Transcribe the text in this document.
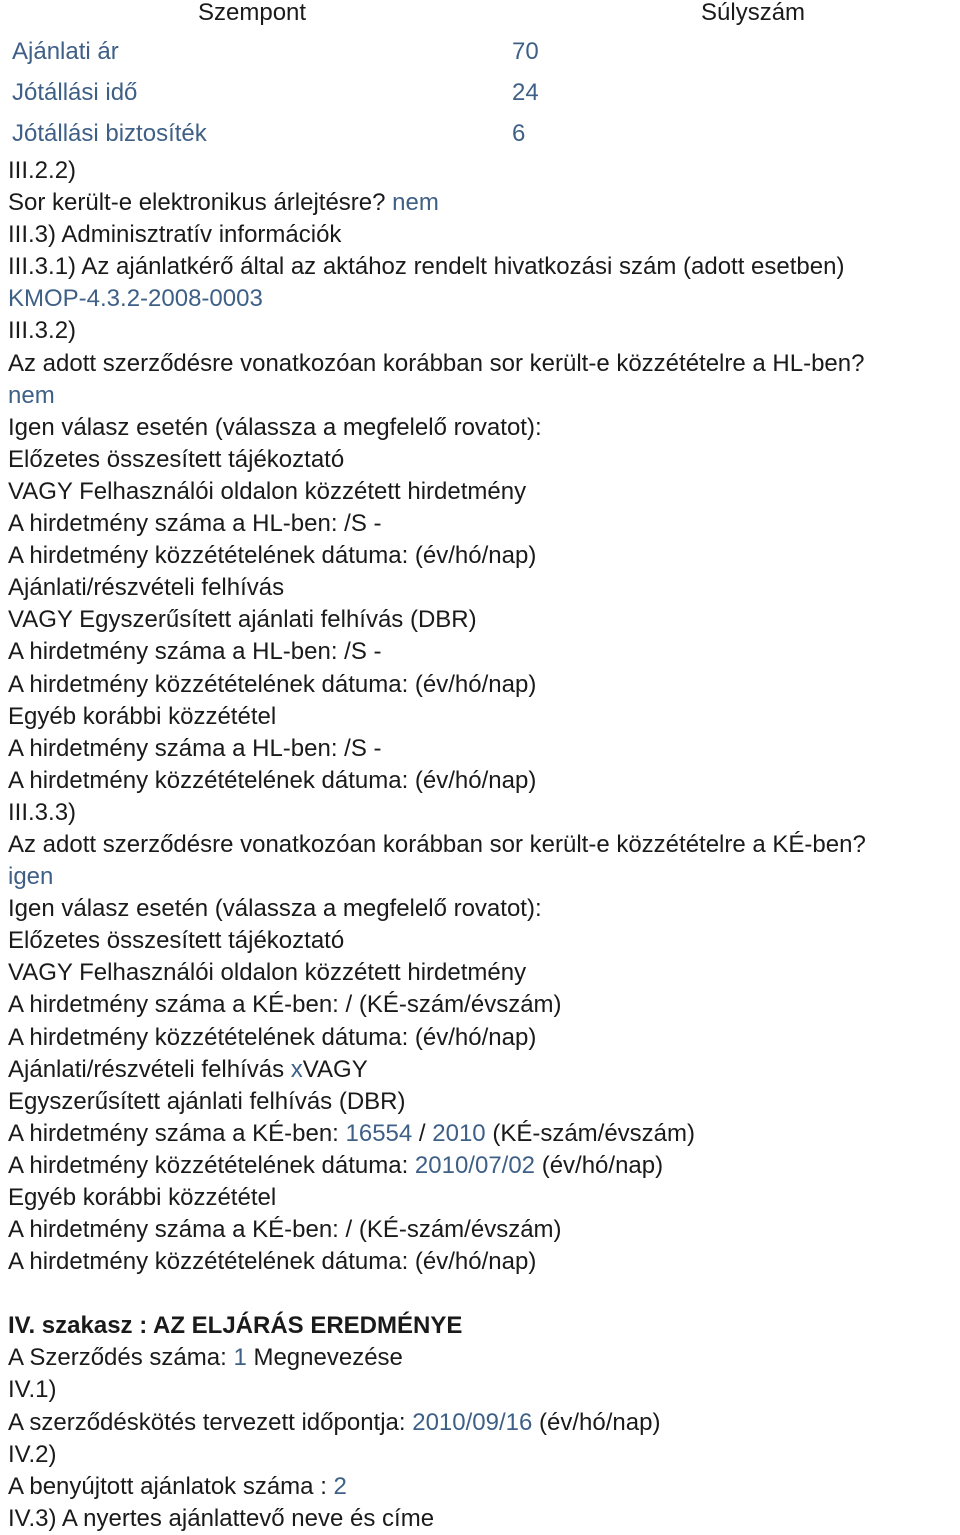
Szempont	Súlyszám
Ajánlati ár	70
Jótállási idő	24
Jótállási biztosíték	6
III.2.2)
Sor került-e elektronikus árlejtésre? nem
III.3) Adminisztratív információk
III.3.1) Az ajánlatkérő által az aktához rendelt hivatkozási szám (adott esetben)
KMOP-4.3.2-2008-0003
III.3.2)
Az adott szerződésre vonatkozóan korábban sor került-e közzétételre a HL-ben?
nem
Igen válasz esetén (válassza a megfelelő rovatot):
Előzetes összesített tájékoztató
VAGY Felhasználói oldalon közzétett hirdetmény
A hirdetmény száma a HL-ben: /S -
A hirdetmény közzétételének dátuma: (év/hó/nap)
Ajánlati/részvételi felhívás
VAGY Egyszerűsített ajánlati felhívás (DBR)
A hirdetmény száma a HL-ben: /S -
A hirdetmény közzétételének dátuma: (év/hó/nap)
Egyéb korábbi közzététel
A hirdetmény száma a HL-ben: /S -
A hirdetmény közzétételének dátuma: (év/hó/nap)
III.3.3)
Az adott szerződésre vonatkozóan korábban sor került-e közzétételre a KÉ-ben?
igen
Igen válasz esetén (válassza a megfelelő rovatot):
Előzetes összesített tájékoztató
VAGY Felhasználói oldalon közzétett hirdetmény
A hirdetmény száma a KÉ-ben: / (KÉ-szám/évszám)
A hirdetmény közzétételének dátuma: (év/hó/nap)
Ajánlati/részvételi felhívás xVAGY
Egyszerűsített ajánlati felhívás (DBR)
A hirdetmény száma a KÉ-ben: 16554 / 2010 (KÉ-szám/évszám)
A hirdetmény közzétételének dátuma: 2010/07/02 (év/hó/nap)
Egyéb korábbi közzététel
A hirdetmény száma a KÉ-ben: / (KÉ-szám/évszám)
A hirdetmény közzétételének dátuma: (év/hó/nap)
IV. szakasz : AZ ELJÁRÁS EREDMÉNYE
A Szerződés száma: 1 Megnevezése
IV.1)
A szerződéskötés tervezett időpontja: 2010/09/16 (év/hó/nap)
IV.2)
A benyújtott ajánlatok száma : 2
IV.3) A nyertes ajánlattevő neve és címe
